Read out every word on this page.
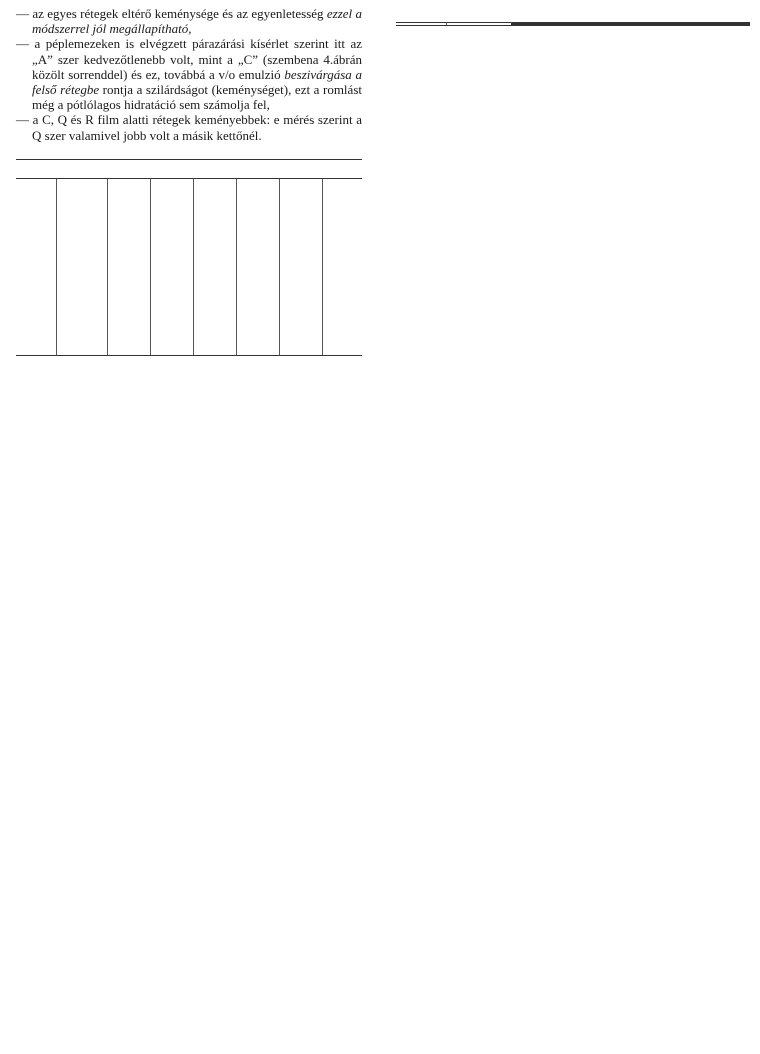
— az egyes rétegek eltérő keménysége és az egyenletesség ezzel a módszerrel jól megállapítható,

— a péplemezeken is elvégzett párazárási kísérlet szerint itt az „A” szer kedvezőtlenebb volt, mint a „C” (szembena 4.ábrán közölt sorrenddel) és ez, továbbá a v/o emulzió beszivárgása a felső rétegbe rontja a szilárdságot (keménységet), ezt a romlást még a pótlólagos hidratáció sem számolja fel,

— a C, Q és R film alatti rétegek keményebbek: e mérés szerint a Q szer valamivel jobb volt a másik kettőnél.
